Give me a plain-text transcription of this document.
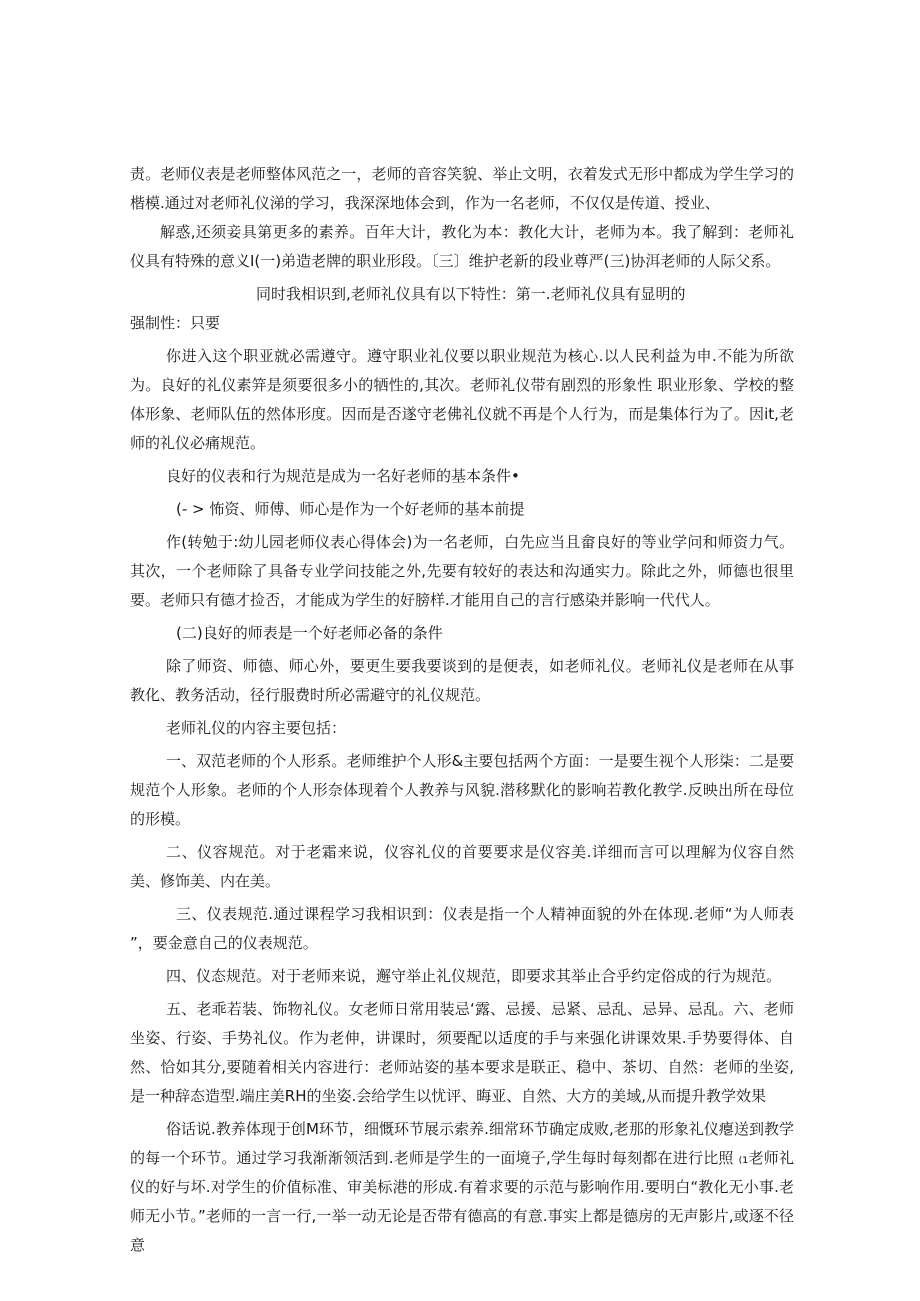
责。老师仪表是老师整体风范之一，老师的音容笑貌、举止文明，衣着发式无形中都成为学生学习的楷模.通过对老师礼仪涕的学习，我深深地体会到，作为一名老师，不仅仅是传道、授业、

解惑,还须妾具第更多的素养。百年大计，教化为本：教化大计，老师为本。我了解到：老师礼仪具有特殊的意义I(一)弟造老牌的职业形段。〔三〕维护老新的段业尊严(三)协洱老师的人际父系。

同时我相识到,老师礼仪具有以下特性：第一.老师礼仪具有显明的

强制性：只要

你进入这个职亚就必需遵守。遵守职业礼仪要以职业规范为核心.以人民利益为申.不能为所欲为。良好的礼仪素笄是须要很多小的牺性的,其次。老师礼仪带有剧烈的形象性 职业形象、学校的整体形象、老师队伍的然体形度。因而是否遂守老佛礼仪就不再是个人行为，而是集体行为了。因it,老师的礼仪必痛规范。

良好的仪表和行为规范是成为一名好老师的基本条件•

(- > 怖资、师傅、师心是作为一个好老师的基本前提

作(转勉于:幼儿园老师仪表心得体会)为一名老师，白先应当且畲良好的等业学问和师资力气。其次，一个老师除了具备专业学问技能之外,先要有较好的表达和沟通实力。除此之外，师德也很里要。老师只有德才捡否，才能成为学生的好膀样.才能用自己的言行感染并影响一代代人。

(二)良好的师表是一个好老师必备的条件

除了师资、师德、师心外，要更生要我要谈到的是便表，如老师礼仪。老师礼仪是老师在从事教化、教务活动，径行服费时所必需避守的礼仪规范。

老师礼仪的内容主要包括：

一、双范老师的个人形系。老师维护个人形&主要包括两个方面：一是要生视个人形柒：二是要规范个人形象。老师的个人形奈体现着个人教养与风貌.潜移默化的影响若教化教学.反映出所在母位的形模。

二、仪容规范。对于老霜来说，仪容礼仪的首要要求是仪容美.详细而言可以理解为仪容自然美、修饰美、内在美。

三、仪表规范.通过课程学习我相识到：仪表是指一个人精神面貌的外在体现.老师“为人师表 ”，要金意自己的仪表规范。

四、仪态规范。对于老师来说，邂守举止礼仪规范，即要求其举止合乎约定俗成的行为规范。

五、老乖若装、饰物礼仪。女老师日常用装忌‘露、忌援、忌紧、忌乱、忌异、忌乱。六、老师坐姿、行姿、手势礼仪。作为老伸，讲课时，须要配以适度的手与来强化讲课效果.手势要得体、自然、恰如其分,要随着相关内容进行：老师站姿的基本要求是联正、稳中、茶切、自然：老师的坐姿,是一种辞态造型.端庄美RH的坐姿.会给学生以忧评、晦亚、自然、大方的美域,从而提升教学效果

俗话说.教养体现于创M环节，细慨环节展示索养.细常环节确定成败,老那的形象礼仪瘪送到教学的每一个环节。通过学习我渐渐领活到.老师是学生的一面境子,学生每时每刻都在进行比照 ₍₁老师礼仪的好与坏.对学生的价值标准、审美标港的形成.有着求要的示范与影响作用.要明白“教化无小事.老师无小节。”老师的一言一行,一举一动无论是否带有德高的有意.事实上都是德房的无声影片,或逐不径意
